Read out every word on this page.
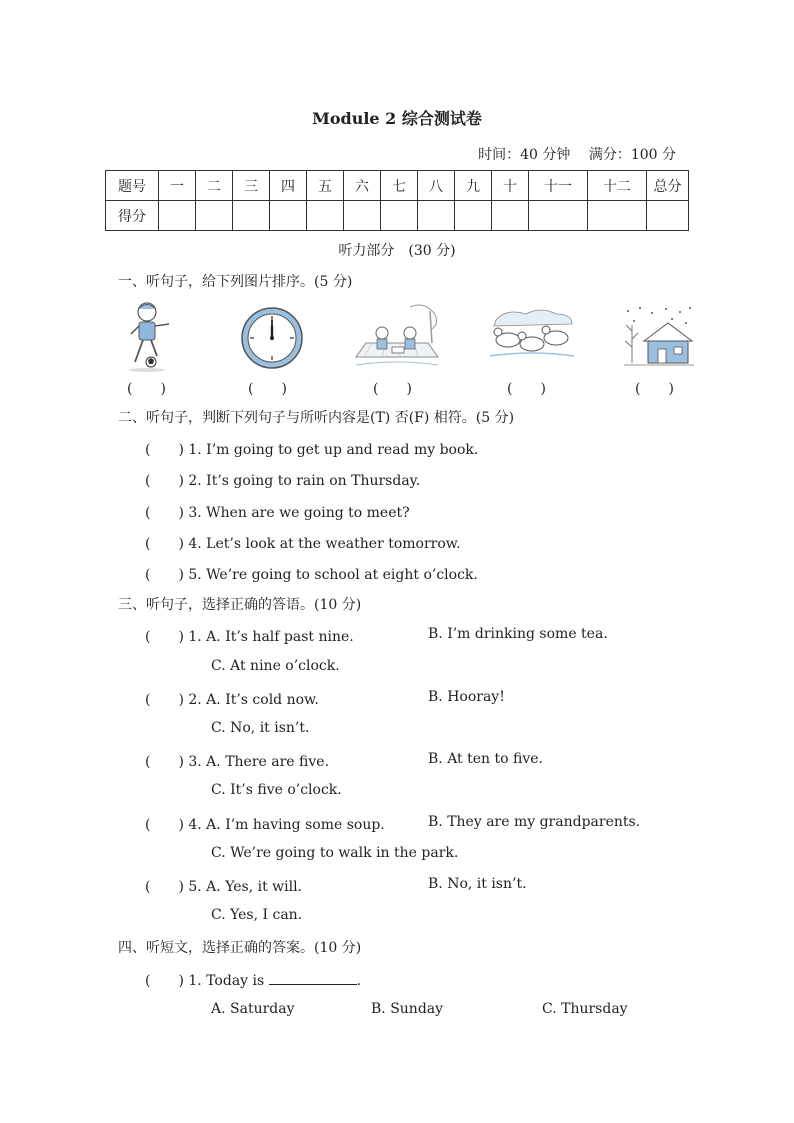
Module 2 综合测试卷
时间：40 分钟 满分：100 分
题号	一	二	三	四	五	六	七	八	九	十	十一	十二	总分
得分													
听力部分　(30 分)
一、听句子，给下列图片排序。(5 分)
(　　)	(　　)	(　　)	(　　)	(　　)
二、听句子，判断下列句子与所听内容是(T) 否(F) 相符。(5 分)
(　　) 1. I’m going to get up and read my book.
(　　) 2. It’s going to rain on Thursday.
(　　) 3. When are we going to meet?
(　　) 4. Let’s look at the weather tomorrow.
(　　) 5. We’re going to school at eight o’clock.
三、听句子，选择正确的答语。(10 分)
(　　) 1. A. It’s half past nine.	B. I’m drinking some tea.
C. At nine o’clock.
(　　) 2. A. It’s cold now.	B. Hooray!
C. No, it isn’t.
(　　) 3. A. There are five.	B. At ten to five.
C. It’s five o’clock.
(　　) 4. A. I’m having some soup.	B. They are my grandparents.
C. We’re going to walk in the park.
(　　) 5. A. Yes, it will.	B. No, it isn’t.
C. Yes, I can.
四、听短文，选择正确的答案。(10 分)
(　　) 1. Today is	.
A. Saturday	B. Sunday	C. Thursday
